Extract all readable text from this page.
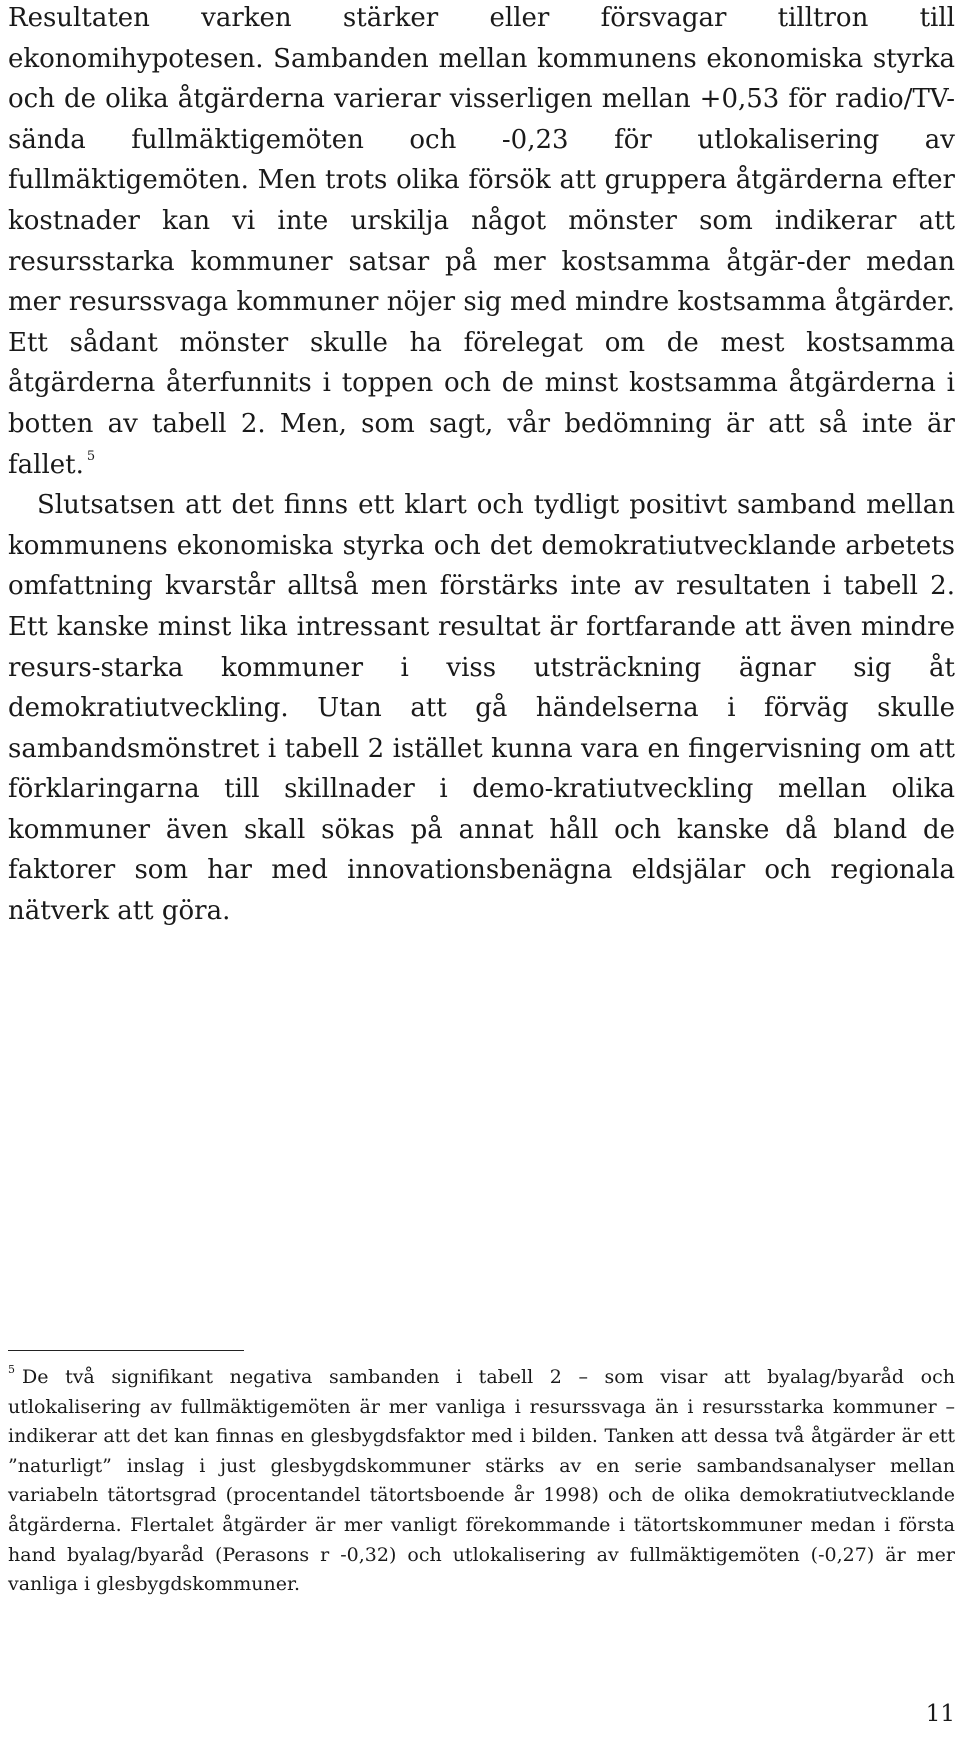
Resultaten varken stärker eller försvagar tilltron till ekonomihypotesen. Sambanden mellan kommunens ekonomiska styrka och de olika åtgärderna varierar visserligen mellan +0,53 för radio/TV-sända fullmäktigemöten och -0,23 för utlokalisering av fullmäktigemöten. Men trots olika försök att gruppera åtgärderna efter kostnader kan vi inte urskilja något mönster som indikerar att resursstarka kommuner satsar på mer kostsamma åtgär-der medan mer resurssvaga kommuner nöjer sig med mindre kostsamma åtgärder. Ett sådant mönster skulle ha förelegat om de mest kostsamma åtgärderna återfunnits i toppen och de minst kostsamma åtgärderna i botten av tabell 2. Men, som sagt, vår bedömning är att så inte är fallet. $^5$

Slutsatsen att det finns ett klart och tydligt positivt samband mellan kommunens ekonomiska styrka och det demokratiutvecklande arbetets omfattning kvarstår alltså men förstärks inte av resultaten i tabell 2. Ett kanske minst lika intressant resultat är fortfarande att även mindre resurs-starka kommuner i viss utsträckning ägnar sig åt demokratiutveckling. Utan att gå händelserna i förväg skulle sambandsmönstret i tabell 2 istället kunna vara en fingervisning om att förklaringarna till skillnader i demo-kratiutveckling mellan olika kommuner även skall sökas på annat håll och kanske då bland de faktorer som har med innovationsbenägna eldsjälar och regionala nätverk att göra.

$^5$ De två signifikant negativa sambanden i tabell 2 – som visar att byalag/byaråd och utlokalisering av fullmäktigemöten är mer vanliga i resurssvaga än i resursstarka kommuner – indikerar att det kan finnas en glesbygdsfaktor med i bilden. Tanken att dessa två åtgärder är ett ”naturligt” inslag i just glesbygdskommuner stärks av en serie sambandsanalyser mellan variabeln tätortsgrad (procentandel tätortsboende år 1998) och de olika demokratiutvecklande åtgärderna. Flertalet åtgärder är mer vanligt förekommande i tätortskommuner medan i första hand byalag/byaråd (Perasons r -0,32) och utlokalisering av fullmäktigemöten (-0,27) är mer vanliga i glesbygdskommuner.
11
